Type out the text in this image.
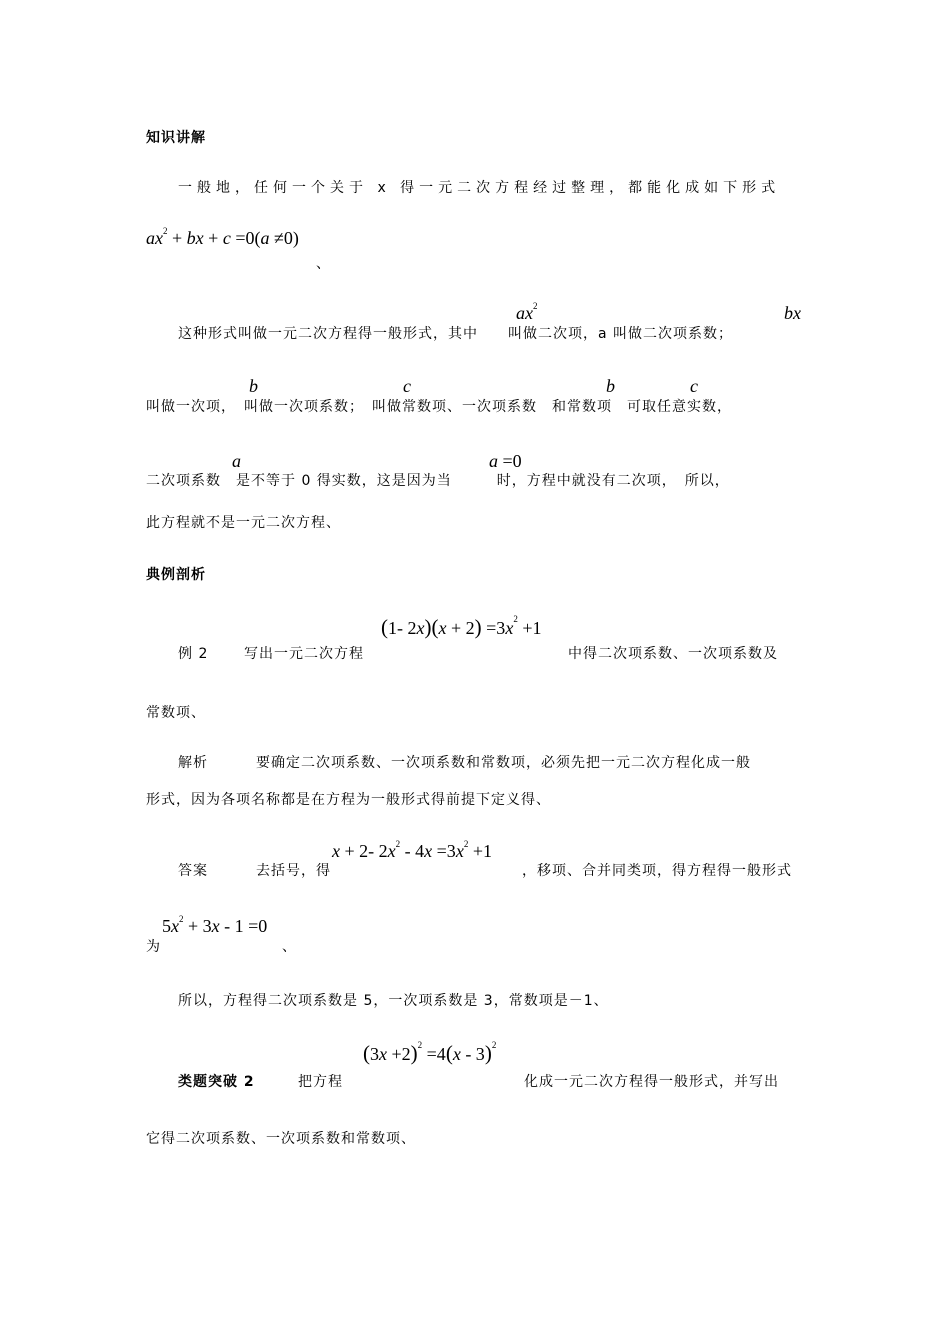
知识讲解
一般地，任何一个关于 x 得一元二次方程经过整理，都能化成如下形式
$ax^2$ + bx + c =0(a ≠0)
、
$ax^2$	bx
这种形式叫做一元二次方程得一般形式，其中　　叫做二次项，a 叫做二次项系数；
b	c	b	c
叫做一次项，　叫做一次项系数；　叫做常数项、一次项系数　和常数项　可取任意实数，
a	a =0
二次项系数　是不等于 0 得实数，这是因为当　　　时，方程中就没有二次项，　所以，
此方程就不是一元二次方程、
典例剖析
(1- $2x)(x + 2) =3x^2 +1$
例 2	写出一元二次方程	中得二次项系数、一次项系数及
常数项、
解析	要确定二次项系数、一次项系数和常数项，必须先把一元二次方程化成一般
形式，因为各项名称都是在方程为一般形式得前提下定义得、
x + 2- $2x^2 - 4x =3x^2 +1$
答案	去括号，得	，移项、合并同类项，得方程得一般形式
$5x^2 + 3x - 1 =0$
为	、
所以，方程得二次项系数是 5，一次项系数是 3，常数项是－1、
$(3x +2)^2 =4(x - 3)^2$
类题突破 2	把方程	化成一元二次方程得一般形式，并写出
它得二次项系数、一次项系数和常数项、
